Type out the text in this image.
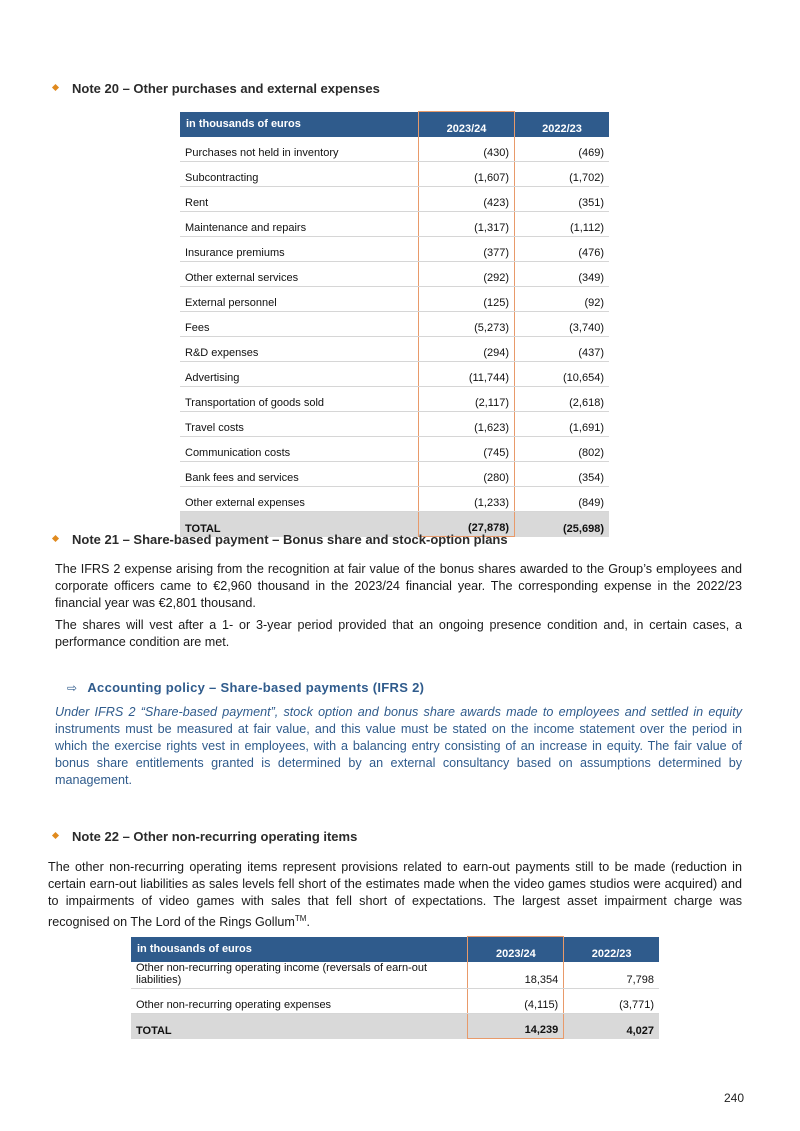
Note 20 – Other purchases and external expenses
in thousands of euros	2023/24	2022/23
Purchases not held in inventory	(430)	(469)
Subcontracting	(1,607)	(1,702)
Rent	(423)	(351)
Maintenance and repairs	(1,317)	(1,112)
Insurance premiums	(377)	(476)
Other external services	(292)	(349)
External personnel	(125)	(92)
Fees	(5,273)	(3,740)
R&D expenses	(294)	(437)
Advertising	(11,744)	(10,654)
Transportation of goods sold	(2,117)	(2,618)
Travel costs	(1,623)	(1,691)
Communication costs	(745)	(802)
Bank fees and services	(280)	(354)
Other external expenses	(1,233)	(849)
TOTAL	(27,878)	(25,698)
Note 21 – Share-based payment – Bonus share and stock-option plans
The IFRS 2 expense arising from the recognition at fair value of the bonus shares awarded to the Group’s employees and corporate officers came to €2,960 thousand in the 2023/24 financial year. The corresponding expense in the 2022/23 financial year was €2,801 thousand.
The shares will vest after a 1- or 3-year period provided that an ongoing presence condition and, in certain cases, a performance condition are met.
⇨ Accounting policy – Share-based payments (IFRS 2)
Under IFRS 2 “Share-based payment”, stock option and bonus share awards made to employees and settled in equity instruments must be measured at fair value, and this value must be stated on the income statement over the period in which the exercise rights vest in employees, with a balancing entry consisting of an increase in equity. The fair value of bonus share entitlements granted is determined by an external consultancy based on assumptions determined by management.
Note 22 – Other non-recurring operating items
The other non-recurring operating items represent provisions related to earn-out payments still to be made (reduction in certain earn-out liabilities as sales levels fell short of the estimates made when the video games studios were acquired) and to impairments of video games with sales that fell short of expectations. The largest asset impairment charge was recognised on The Lord of the Rings Gollum™.
in thousands of euros	2023/24	2022/23
Other non-recurring operating income (reversals of earn-out liabilities)	18,354	7,798
Other non-recurring operating expenses	(4,115)	(3,771)
TOTAL	14,239	4,027
240
